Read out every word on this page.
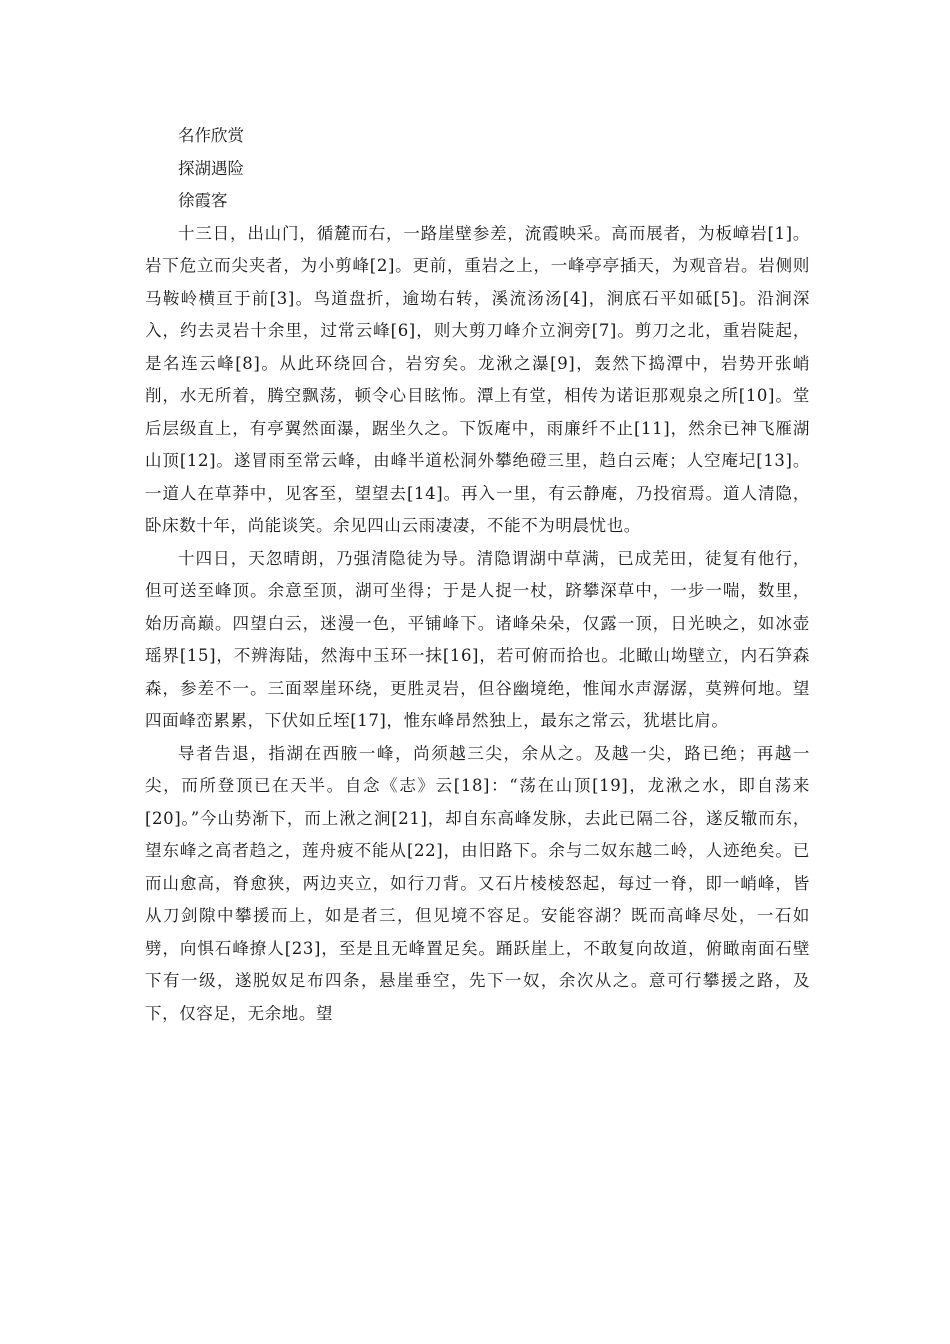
名作欣赏

探湖遇险

徐霞客

十三日，出山门，循麓而右，一路崖壁参差，流霞映采。高而展者，为板嶂岩[1]。岩下危立而尖夹者，为小剪峰[2]。更前，重岩之上，一峰亭亭插天，为观音岩。岩侧则马鞍岭横亘于前[3]。鸟道盘折，逾坳右转，溪流汤汤[4]，涧底石平如砥[5]。沿涧深入，约去灵岩十余里，过常云峰[6]，则大剪刀峰介立涧旁[7]。剪刀之北，重岩陡起，是名连云峰[8]。从此环绕回合，岩穷矣。龙湫之瀑[9]，轰然下捣潭中，岩势开张峭削，水无所着，腾空飘荡，顿令心目眩怖。潭上有堂，相传为诺讵那观泉之所[10]。堂后层级直上，有亭翼然面瀑，踞坐久之。下饭庵中，雨廉纤不止[11]，然余已神飞雁湖山顶[12]。遂冒雨至常云峰，由峰半道松洞外攀绝磴三里，趋白云庵；人空庵圮[13]。一道人在草莽中，见客至，望望去[14]。再入一里，有云静庵，乃投宿焉。道人清隐，卧床数十年，尚能谈笑。余见四山云雨凄凄，不能不为明晨忧也。

十四日，天忽晴朗，乃强清隐徒为导。清隐谓湖中草满，已成芜田，徒复有他行，但可送至峰顶。余意至顶，湖可坐得；于是人捉一杖，跻攀深草中，一步一喘，数里，始历高巅。四望白云，迷漫一色，平铺峰下。诸峰朵朵，仅露一顶，日光映之，如冰壶瑶界[15]，不辨海陆，然海中玉环一抹[16]，若可俯而拾也。北瞰山坳壁立，内石笋森森，参差不一。三面翠崖环绕，更胜灵岩，但谷幽境绝，惟闻水声潺潺，莫辨何地。望四面峰峦累累，下伏如丘垤[17]，惟东峰昂然独上，最东之常云，犹堪比肩。

导者告退，指湖在西腋一峰，尚须越三尖，余从之。及越一尖，路已绝；再越一尖，而所登顶已在天半。自念《志》云[18]：“荡在山顶[19]，龙湫之水，即自荡来[20]。”今山势渐下，而上湫之涧[21]，却自东高峰发脉，去此已隔二谷，遂反辙而东，望东峰之高者趋之，莲舟疲不能从[22]，由旧路下。余与二奴东越二岭，人迹绝矣。已而山愈高，脊愈狭，两边夹立，如行刀背。又石片棱棱怒起，每过一脊，即一峭峰，皆从刀剑隙中攀援而上，如是者三，但见境不容足。安能容湖？既而高峰尽处，一石如劈，向惧石峰撩人[23]，至是且无峰置足矣。踊跃崖上，不敢复向故道，俯瞰南面石壁下有一级，遂脱奴足布四条，悬崖垂空，先下一奴，余次从之。意可行攀援之路，及下，仅容足，无余地。望
